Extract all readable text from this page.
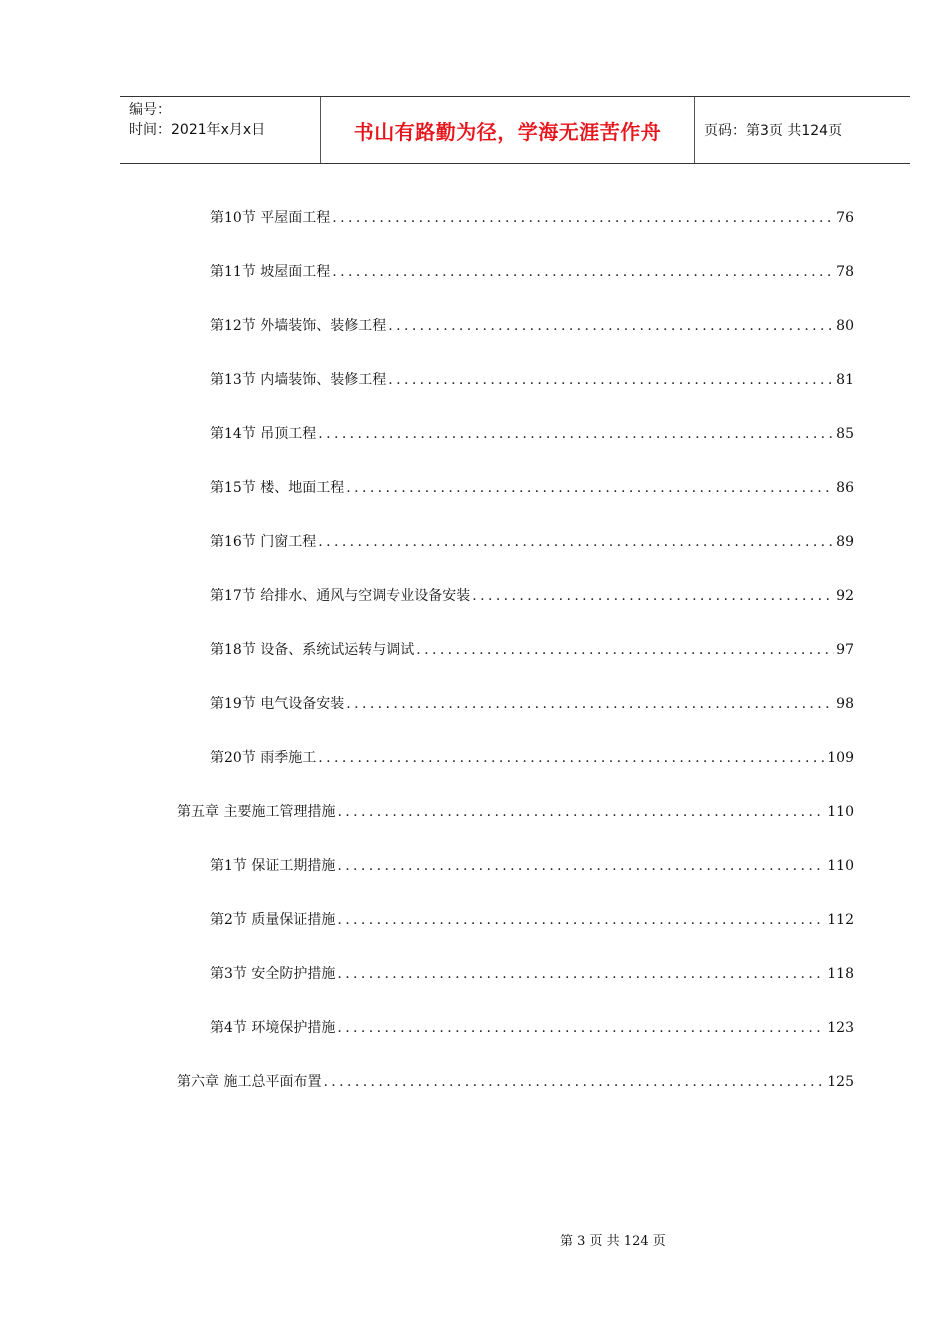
编号：
时间：2021年x月x日	书山有路勤为径，学海无涯苦作舟	页码：第3页 共124页
第10节 平屋面工程 .....	76
第11节 坡屋面工程 .....	78
第12节 外墙装饰、装修工程 .....	80
第13节 内墙装饰、装修工程 .....	81
第14节 吊顶工程 .....	85
第15节 楼、地面工程 .....	86
第16节 门窗工程 .....	89
第17节 给排水、通风与空调专业设备安装 .....	92
第18节 设备、系统试运转与调试 .....	97
第19节 电气设备安装 .....	98
第20节 雨季施工 .....	109
第五章 主要施工管理措施 .....	110
第1节 保证工期措施 .....	110
第2节 质量保证措施 .....	112
第3节 安全防护措施 .....	118
第4节 环境保护措施 .....	123
第六章 施工总平面布置 .....	125
第 3 页 共 124 页
